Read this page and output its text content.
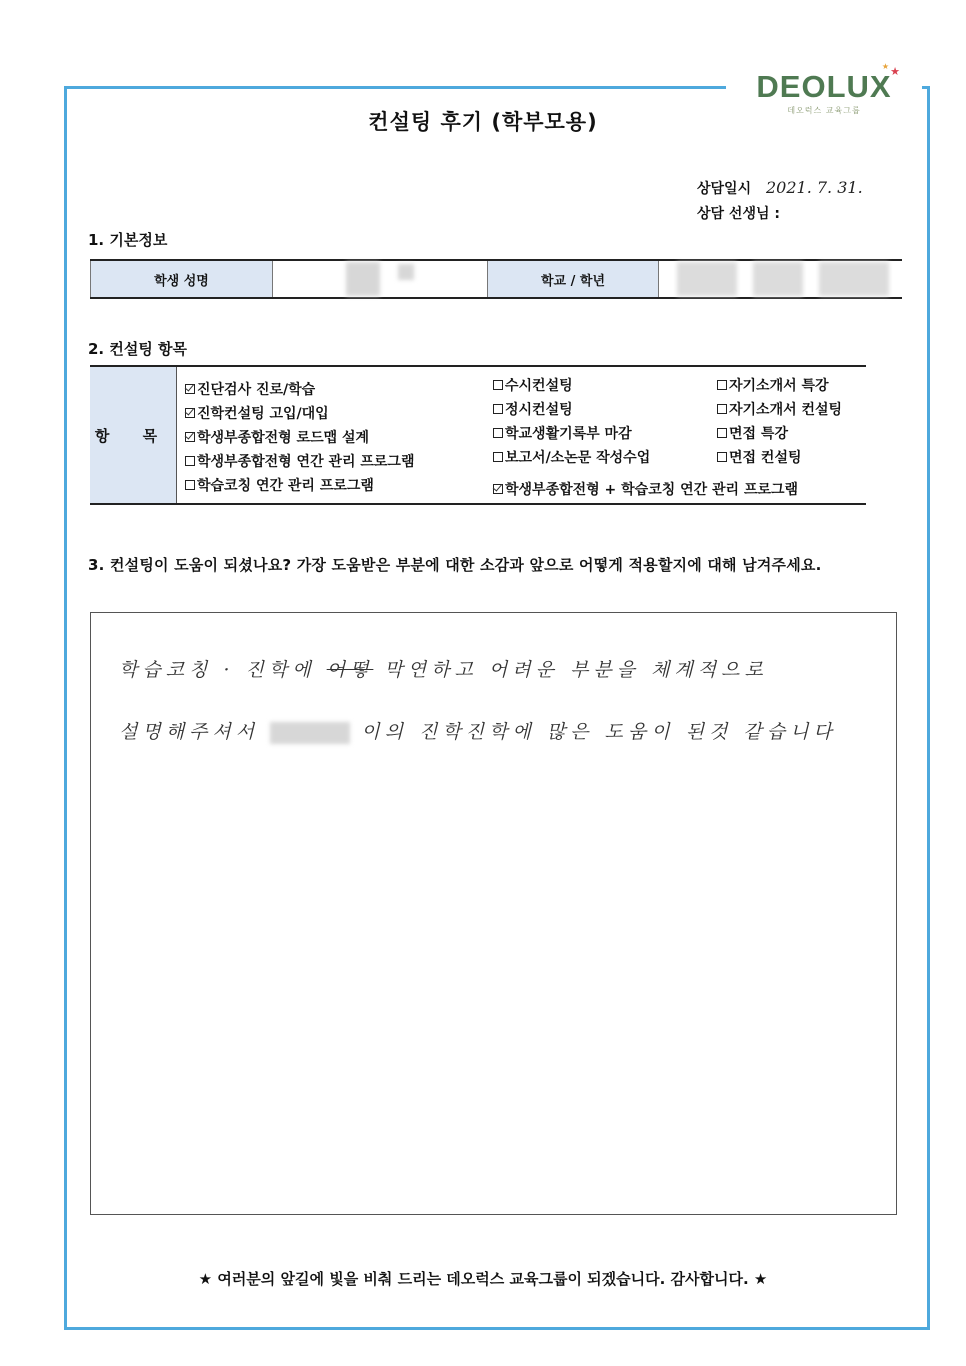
★ ★
DEOLUX
데오럭스 교육그룹
컨설팅 후기 (학부모용)
상담일시 2021. 7. 31.
상담 선생님 :
1. 기본정보
학생 성명	학교 / 학년
2. 컨설팅 항목
항 목
진단검사 진로/학습
진학컨설팅 고입/대입
학생부종합전형 로드맵 설계
학생부종합전형 연간 관리 프로그램
학습코칭 연간 관리 프로그램
수시컨설팅
정시컨설팅
학교생활기록부 마감
보고서/소논문 작성수업
학생부종합전형 + 학습코칭 연간 관리 프로그램
자기소개서 특강
자기소개서 컨설팅
면접 특강
면접 컨설팅
3. 컨설팅이 도움이 되셨나요? 가장 도움받은 부분에 대한 소감과 앞으로 어떻게 적용할지에 대해 남겨주세요.
학습코칭 · 진학에 어떻 막연하고 어려운 부분을 체계적으로
설명해주셔서	이의 진학진학에 많은 도움이 된것 같습니다
★ 여러분의 앞길에 빛을 비춰 드리는 데오럭스 교육그룹이 되겠습니다. 감사합니다. ★
